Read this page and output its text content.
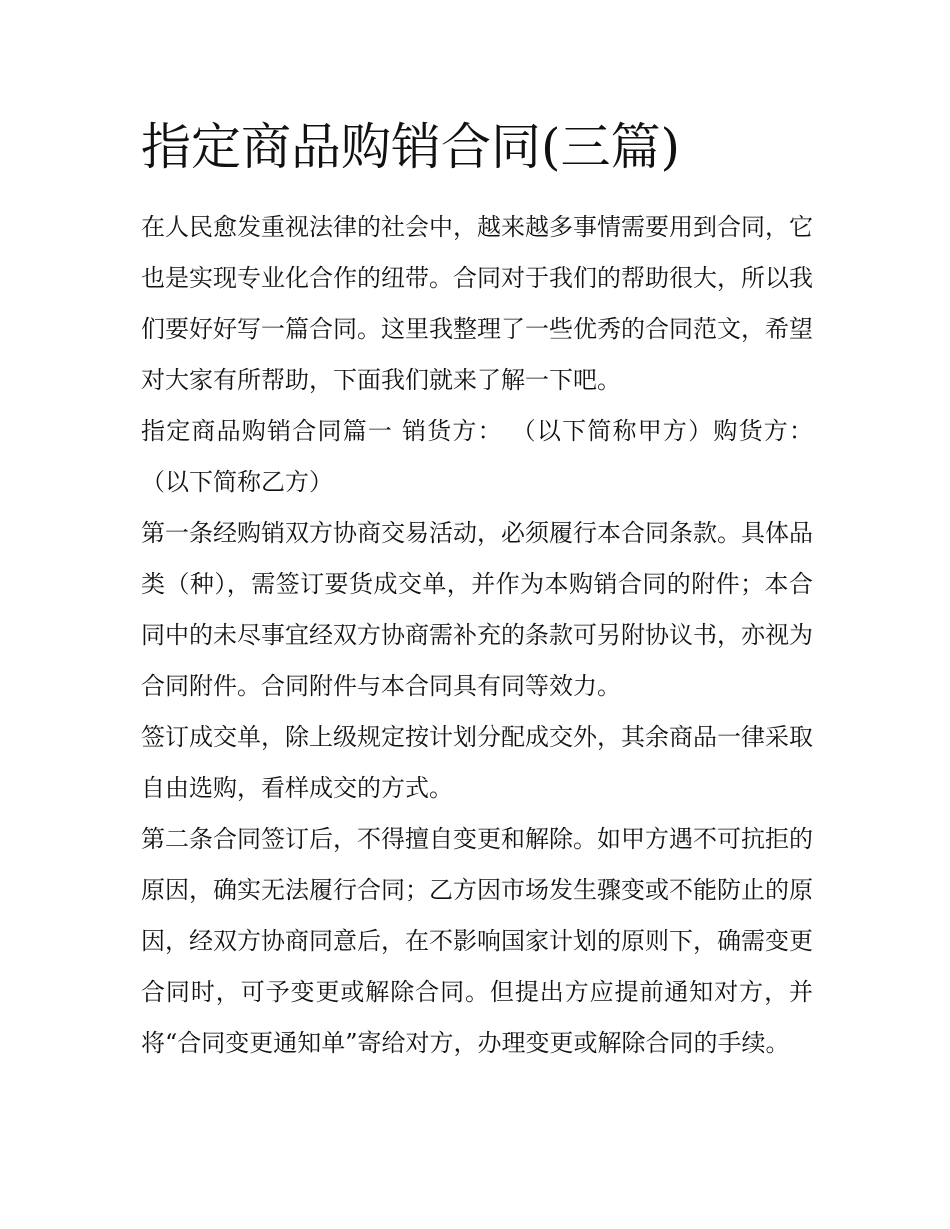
指定商品购销合同(三篇)

在人民愈发重视法律的社会中，越来越多事情需要用到合同，它也是实现专业化合作的纽带。合同对于我们的帮助很大，所以我们要好好写一篇合同。这里我整理了一些优秀的合同范文，希望对大家有所帮助，下面我们就来了解一下吧。

指定商品购销合同篇一 销货方： （以下简称甲方）购货方：（以下简称乙方）

第一条经购销双方协商交易活动，必须履行本合同条款。具体品类（种），需签订要货成交单，并作为本购销合同的附件；本合同中的未尽事宜经双方协商需补充的条款可另附协议书，亦视为合同附件。合同附件与本合同具有同等效力。

签订成交单，除上级规定按计划分配成交外，其余商品一律采取自由选购，看样成交的方式。

第二条合同签订后，不得擅自变更和解除。如甲方遇不可抗拒的原因，确实无法履行合同；乙方因市场发生骤变或不能防止的原因，经双方协商同意后，在不影响国家计划的原则下，确需变更合同时，可予变更或解除合同。但提出方应提前通知对方，并将“合同变更通知单”寄给对方，办理变更或解除合同的手续。
